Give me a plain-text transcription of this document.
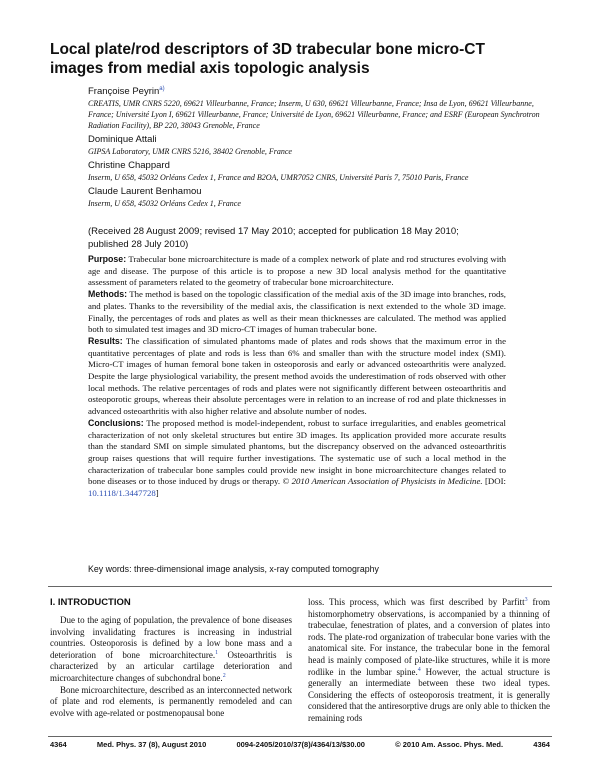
Local plate/rod descriptors of 3D trabecular bone micro-CT images from medial axis topologic analysis
Françoise Peyrin$^{a)}$
CREATIS, UMR CNRS 5220, 69621 Villeurbanne, France; Inserm, U 630, 69621 Villeurbanne, France; Insa de Lyon, 69621 Villeurbanne, France; Université Lyon I, 69621 Villeurbanne, France; Université de Lyon, 69621 Villeurbanne, France; and ESRF (European Synchrotron Radiation Facility), BP 220, 38043 Grenoble, France
Dominique Attali
GIPSA Laboratory, UMR CNRS 5216, 38402 Grenoble, France
Christine Chappard
Inserm, U 658, 45032 Orléans Cedex 1, France and B2OA, UMR7052 CNRS, Université Paris 7, 75010 Paris, France
Claude Laurent Benhamou
Inserm, U 658, 45032 Orléans Cedex 1, France
(Received 28 August 2009; revised 17 May 2010; accepted for publication 18 May 2010; published 28 July 2010)

Purpose: Trabecular bone microarchitecture is made of a complex network of plate and rod structures evolving with age and disease. The purpose of this article is to propose a new 3D local analysis method for the quantitative assessment of parameters related to the geometry of trabecular bone microarchitecture.

Methods: The method is based on the topologic classification of the medial axis of the 3D image into branches, rods, and plates. Thanks to the reversibility of the medial axis, the classification is next extended to the whole 3D image. Finally, the percentages of rods and plates as well as their mean thicknesses are calculated. The method was applied both to simulated test images and 3D micro-CT images of human trabecular bone.

Results: The classification of simulated phantoms made of plates and rods shows that the maximum error in the quantitative percentages of plate and rods is less than 6% and smaller than with the structure model index (SMI). Micro-CT images of human femoral bone taken in osteoporosis and early or advanced osteoarthritis were analyzed. Despite the large physiological variability, the present method avoids the underestimation of rods observed with other local methods. The relative percentages of rods and plates were not significantly different between osteoarthritis and osteoporotic groups, whereas their absolute percentages were in relation to an increase of rod and plate thicknesses in advanced osteoarthritis with also higher relative and absolute number of nodes.

Conclusions: The proposed method is model-independent, robust to surface irregularities, and enables geometrical characterization of not only skeletal structures but entire 3D images. Its application provided more accurate results than the standard SMI on simple simulated phantoms, but the discrepancy observed on the advanced osteoarthritis group raises questions that will require further investigations. The systematic use of such a local method in the characterization of trabecular bone samples could provide new insight in bone microarchitecture changes related to bone diseases or to those induced by drugs or therapy. © 2010 American Association of Physicists in Medicine. [DOI: 10.1118/1.3447728]

Key words: three-dimensional image analysis, x-ray computed tomography
I. INTRODUCTION

Due to the aging of population, the prevalence of bone diseases involving invalidating fractures is increasing in industrial countries. Osteoporosis is defined by a low bone mass and a deterioration of bone microarchitecture.$^1$ Osteoarthritis is characterized by an articular cartilage deterioration and microarchitecture changes of subchondral bone.$^2$

Bone microarchitecture, described as an interconnected network of plate and rod elements, is permanently remodeled and can evolve with age-related or postmenopausal bone

loss. This process, which was first described by Parfitt$^3$ from histomorphometry observations, is accompanied by a thinning of trabeculae, fenestration of plates, and a conversion of plates into rods. The plate-rod organization of trabecular bone varies with the anatomical site. For instance, the trabecular bone in the femoral head is mainly composed of plate-like structures, while it is more rodlike in the lumbar spine.$^4$ However, the actual structure is generally an intermediate between these two ideal types. Considering the effects of osteoporosis treatment, it is generally considered that the antiresorptive drugs are only able to thicken the remaining rods

4364	Med. Phys. 37 (8), August 2010	0094-2405/2010/37(8)/4364/13/$30.00	© 2010 Am. Assoc. Phys. Med.	4364
